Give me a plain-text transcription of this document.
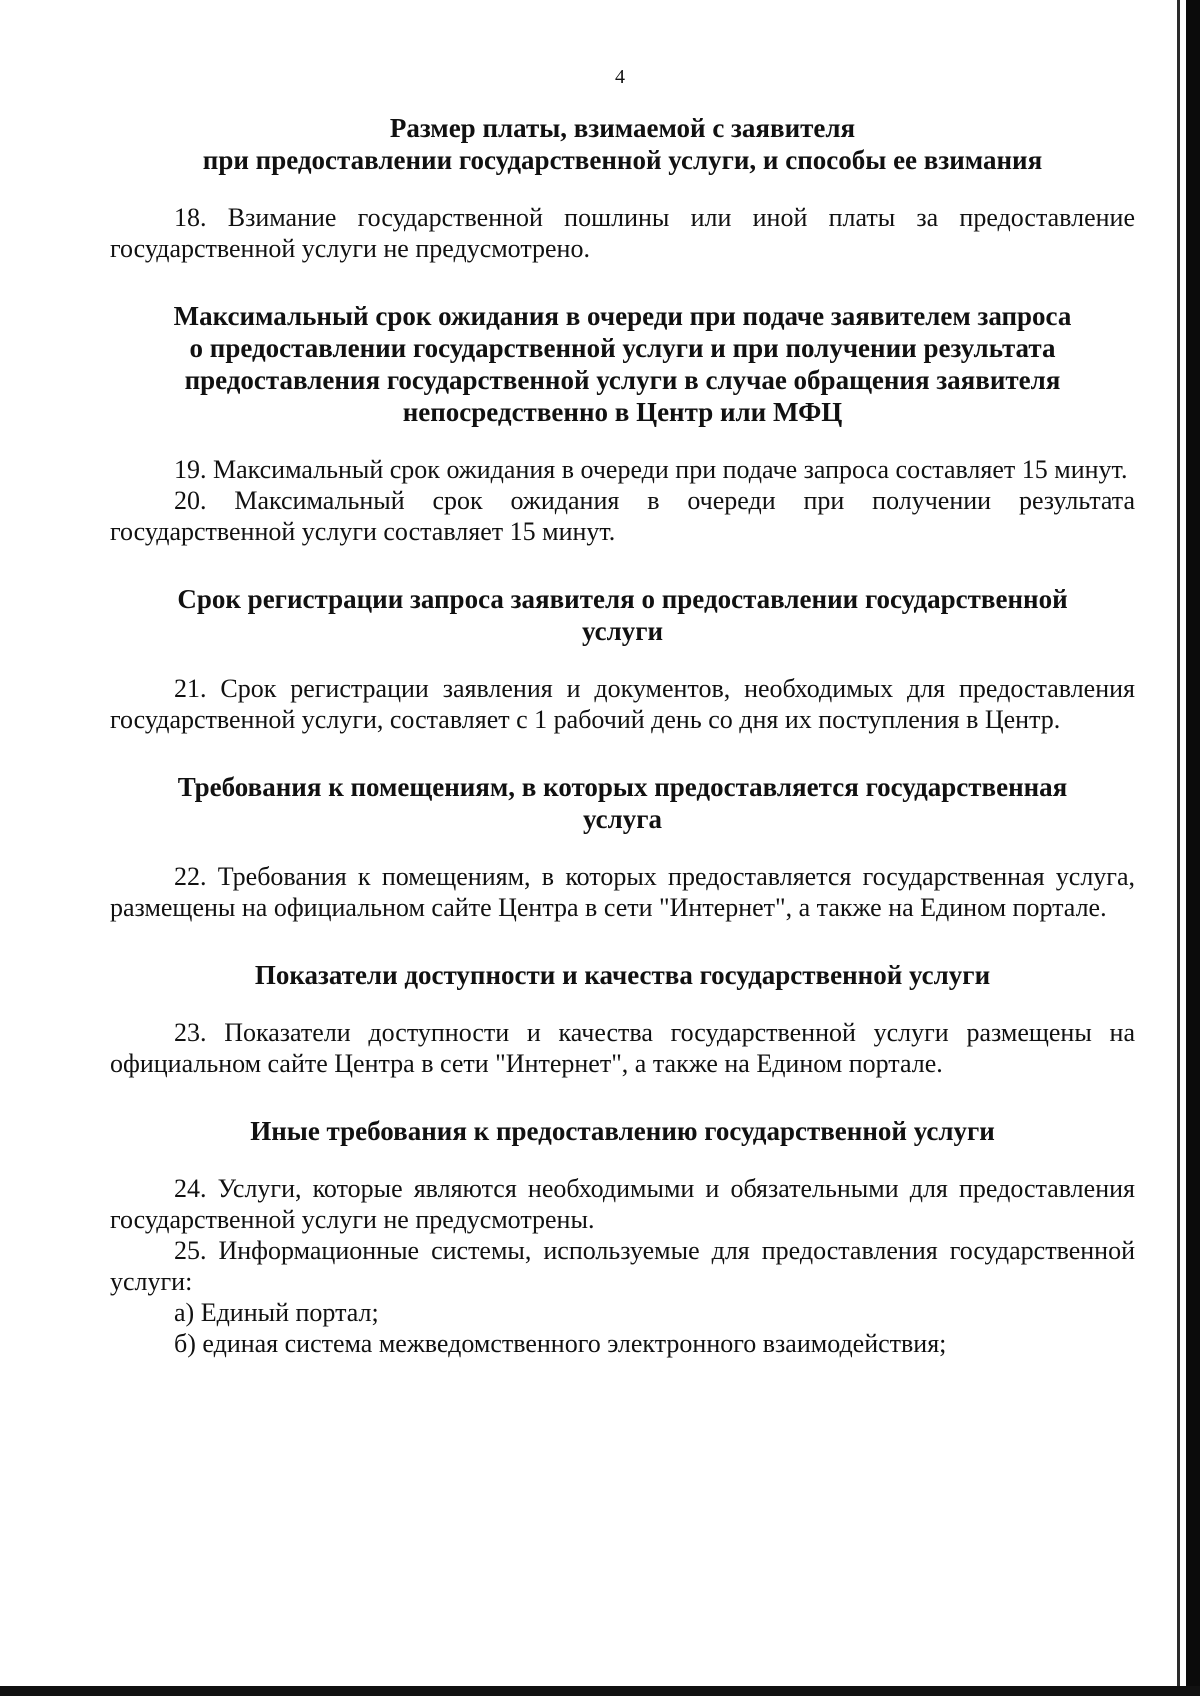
4
Размер платы, взимаемой с заявителя
при предоставлении государственной услуги, и способы ее взимания

18. Взимание государственной пошлины или иной платы за предоставление государственной услуги не предусмотрено.

Максимальный срок ожидания в очереди при подаче заявителем запроса
о предоставлении государственной услуги и при получении результата
предоставления государственной услуги в случае обращения заявителя
непосредственно в Центр или МФЦ

19. Максимальный срок ожидания в очереди при подаче запроса составляет 15 минут.

20. Максимальный срок ожидания в очереди при получении результата государственной услуги составляет 15 минут.

Срок регистрации запроса заявителя о предоставлении государственной
услуги

21. Срок регистрации заявления и документов, необходимых для предоставления государственной услуги, составляет с 1 рабочий день со дня их поступления в Центр.

Требования к помещениям, в которых предоставляется государственная
услуга

22. Требования к помещениям, в которых предоставляется государственная услуга, размещены на официальном сайте Центра в сети "Интернет", а также на Едином портале.

Показатели доступности и качества государственной услуги

23. Показатели доступности и качества государственной услуги размещены на официальном сайте Центра в сети "Интернет", а также на Едином портале.

Иные требования к предоставлению государственной услуги

24. Услуги, которые являются необходимыми и обязательными для предоставления государственной услуги не предусмотрены.

25. Информационные системы, используемые для предоставления государственной услуги:

а) Единый портал;

б) единая система межведомственного электронного взаимодействия;
